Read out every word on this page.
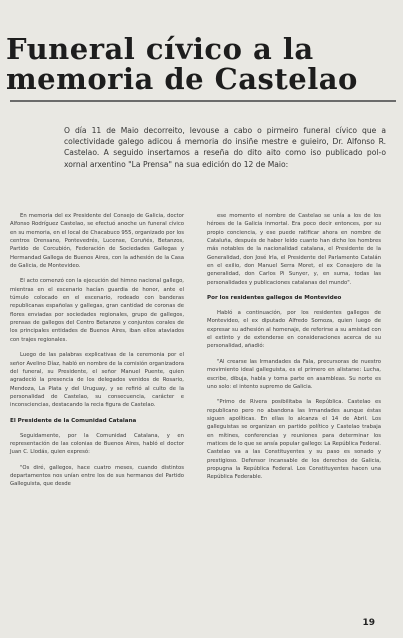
Funeral cívico a la
memoria de Castelao
O día 11 de Maio decorreito, levouse a cabo o pirmeiro funeral cívico que a colectividade galego adicou á memoria do insiñe mestre e guieiro, Dr. Alfonso R. Castelao. A seguido insertamos a reseña do dito aito como iso publicado pol-o xornal arxentino "La Prensa" na sua edición do 12 de Maio:

En memoria del ex Presidente del Consejo de Galicia, doctor Alfonso Rodríguez Castelao, se efectuó anoche un funeral cívico en su memoria, en el local de Chacabuco 955, organizado por los centros Orensano, Pontevedrés, Lucense, Coruñés, Betanzos, Partido de Corcubión, Federación de Sociedades Gallegas y Hermandad Gallega de Buenos Aires, con la adhesión de la Casa de Galicia, de Montevideo.

El acto comenzó con la ejecución del himno nacional gallego, mientras en el escenario hacían guardia de honor, ante el túmulo colocado en el escenario, rodeado con banderas republicanas españolas y gallegas, gran cantidad de coronas de flores enviadas por sociedades regionales, grupo de gallegos, prensas de gallegos del Centro Betanzos y conjuntos corales de los principales entidades de Buenos Aires, iban ellos ataviados con trajes regionales.

Luego de las palabras explicativas de la ceremonia por el señor Avelino Díaz, habló en nombre de la comisión organizadora del funeral, su Presidente, el señor Manuel Puente, quien agradeció la presencia de los delegados venidos de Rosario, Mendoza, La Plata y del Uruguay, y se refirió al culto de la personalidad de Castelao, su consecuencia, carácter e inconsciencias, destacando la recia figura de Castelao.

El Presidente de la Comunidad Catalana

Seguidamente, por la Comunidad Catalana, y en representación de las colonias de Buenos Aires, habló el doctor Juan C. Llodás, quien expresó:

"Os diré, gallegos, hace cuatro meses, cuando distintos departamentos nos unían entre los de sus hermanos del Partido Galleguista, que desde

ese momento el nombre de Castelao se unía a los de los héroes de la Galicia inmortal. Era poco decir entonces, por su propio conciencia, y ese puede ratificar ahora en nombre de Cataluña, después de haber leído cuanto han dicho los hombres más notables de la nacionalidad catalana, el Presidente de la Generalidad, don José Irla, el Presidente del Parlamento Catalán en el exilio, don Manuel Serra Moret, el ex Consejero de la generalidad, don Carlos Pi Sunyer, y, en suma, todas las personalidades y publicaciones catalanas del mundo".

Por los residentes gallegos de Montevideo

Habló a continuación, por los residentes gallegos de Montevideo, el ex diputado Alfredo Somoza, quien luego de expresar su adhesión al homenaje, de referirse a su amistad con el extinto y de extenderse en consideraciones acerca de su personalidad, añadió:

"Al crearse las Irmandades da Fala, precursoras de nuestro movimiento ideal galleguista, es el primero en alistarse: Lucha, escribe, dibuja, habla y toma parte en asambleas. Su norte es uno solo: el intento supremo de Galicia.

"Primo de Rivera posibilitaba la República. Castelao es republicano pero no abandona las Irmandades aunque éstas siguen apolíticas. En ellas lo alcanza el 14 de Abril. Los galleguistas se organizan en partido político y Castelao trabaja en mítines, conferencias y reuniones para determinar los matices de lo que se ansía popular gallego: La República Federal. Castelao va a las Constituyentes y su paso es sonado y prestigioso. Defensor incansable de los derechos de Galicia, propugna la República Federal. Los Constituyentes hacen una República Federable.

19
